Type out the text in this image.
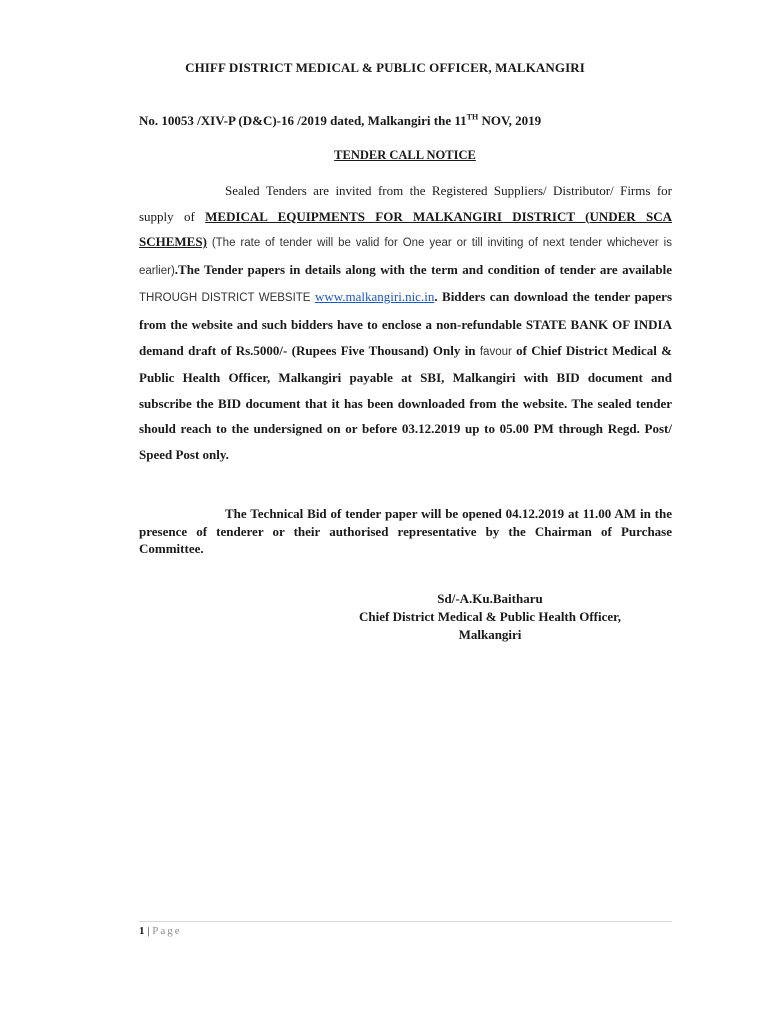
CHIFF DISTRICT MEDICAL & PUBLIC OFFICER, MALKANGIRI
No. 10053 /XIV-P (D&C)-16 /2019 dated, Malkangiri the 11TH NOV, 2019
TENDER CALL NOTICE
Sealed Tenders are invited from the Registered Suppliers/ Distributor/ Firms for supply of MEDICAL EQUIPMENTS FOR MALKANGIRI DISTRICT (UNDER SCA SCHEMES) (The rate of tender will be valid for One year or till inviting of next tender whichever is earlier).The Tender papers in details along with the term and condition of tender are available THROUGH DISTRICT WEBSITE www.malkangiri.nic.in. Bidders can download the tender papers from the website and such bidders have to enclose a non-refundable STATE BANK OF INDIA demand draft of Rs.5000/- (Rupees Five Thousand) Only in favour of Chief District Medical & Public Health Officer, Malkangiri payable at SBI, Malkangiri with BID document and subscribe the BID document that it has been downloaded from the website. The sealed tender should reach to the undersigned on or before 03.12.2019 up to 05.00 PM through Regd. Post/ Speed Post only.
The Technical Bid of tender paper will be opened 04.12.2019 at 11.00 AM in the presence of tenderer or their authorised representative by the Chairman of Purchase Committee.
Sd/-A.Ku.Baitharu
Chief District Medical & Public Health Officer,
Malkangiri
1 | Page
